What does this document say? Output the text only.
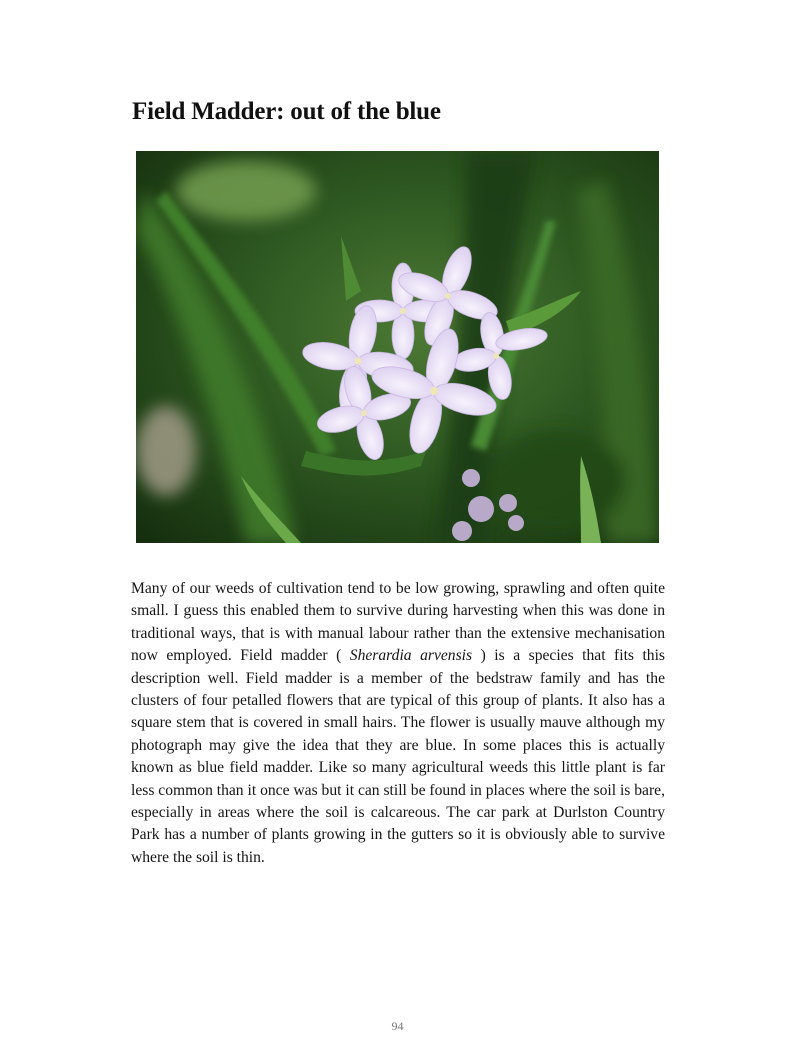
Field Madder: out of the blue
Many of our weeds of cultivation tend to be low growing, sprawling and often quite small. I guess this enabled them to survive during harvesting when this was done in traditional ways, that is with manual labour rather than the extensive mechanisation now employed. Field madder ( Sherardia arvensis ) is a species that fits this description well. Field madder is a member of the bedstraw family and has the clusters of four petalled flowers that are typical of this group of plants. It also has a square stem that is covered in small hairs. The flower is usually mauve although my photograph may give the idea that they are blue. In some places this is actually known as blue field madder. Like so many agricultural weeds this little plant is far less common than it once was but it can still be found in places where the soil is bare, especially in areas where the soil is calcareous. The car park at Durlston Country Park has a number of plants growing in the gutters so it is obviously able to survive where the soil is thin.
94
